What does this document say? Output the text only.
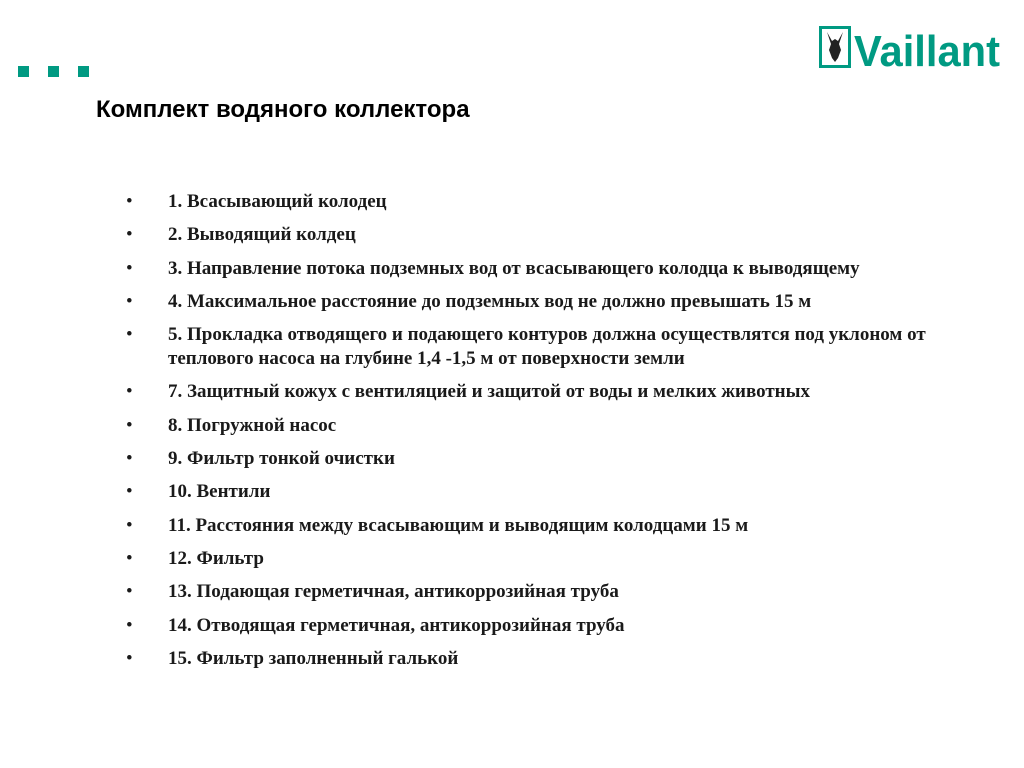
Vaillant
Комплект водяного коллектора
• 1. Всасывающий колодец
• 2. Выводящий колдец
• 3. Направление потока подземных вод от всасывающего колодца к выводящему
• 4. Максимальное расстояние до подземных вод не должно превышать 15 м
• 5. Прокладка отводящего и подающего контуров должна осуществлятся под уклоном от теплового насоса на глубине 1,4 -1,5 м от поверхности земли
• 7. Защитный кожух с вентиляцией и защитой от воды и мелких животных
• 8. Погружной насос
• 9. Фильтр тонкой очистки
• 10. Вентили
• 11. Расстояния между всасывающим и выводящим колодцами 15 м
• 12. Фильтр
• 13. Подающая герметичная, антикоррозийная труба
• 14. Отводящая герметичная, антикоррозийная труба
• 15. Фильтр заполненный галькой
